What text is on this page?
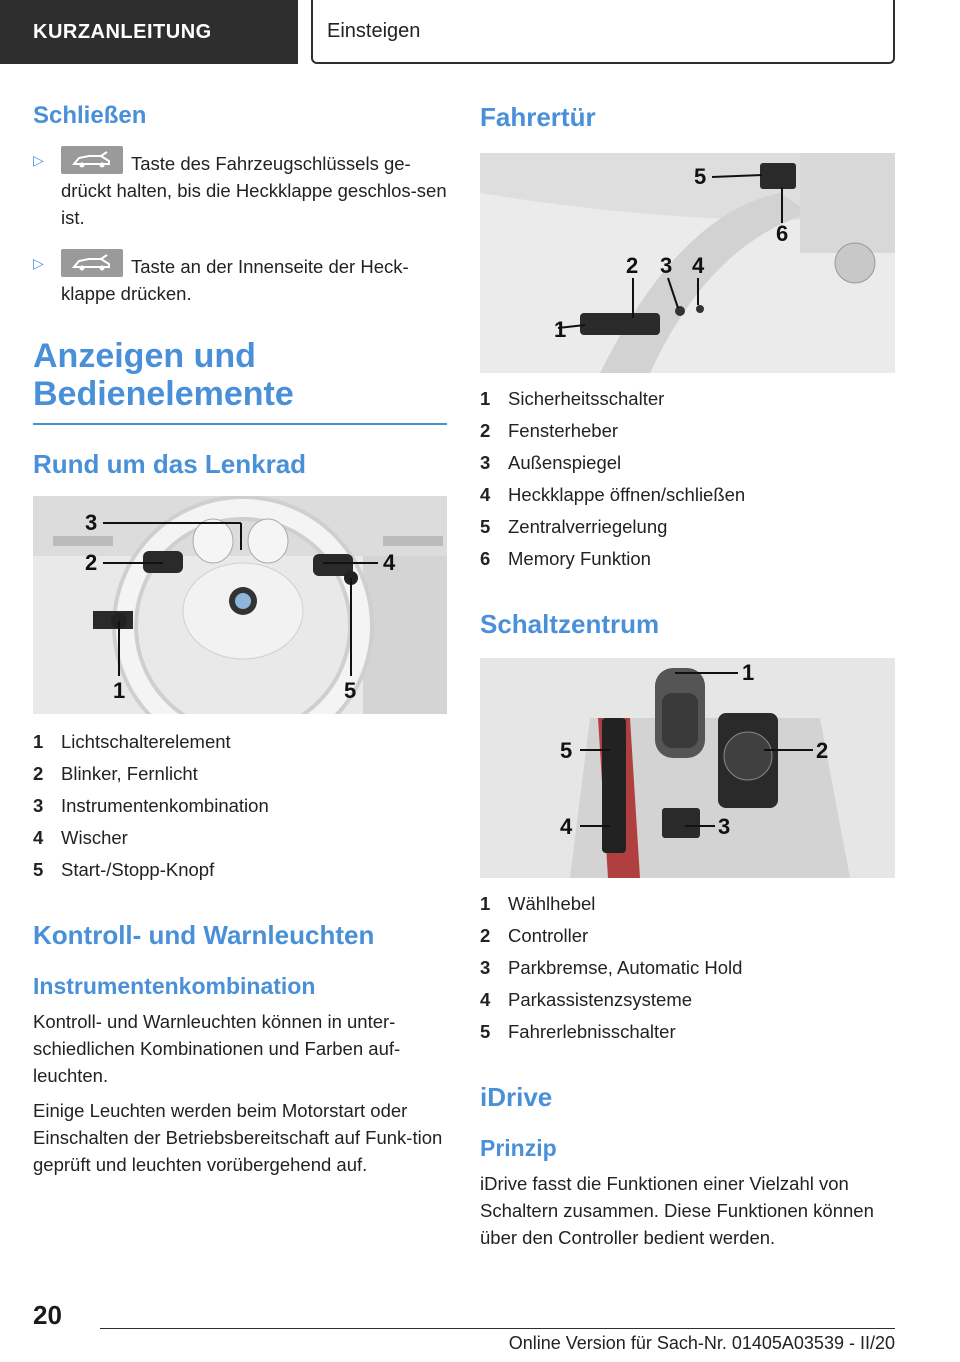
KURZANLEITUNG	Einsteigen
Schließen
▷	Taste des Fahrzeugschlüssels ge-drückt halten, bis die Heckklappe geschlos-sen ist.

▷	Taste an der Innenseite der Heck-klappe drücken.

Anzeigen und
Bedienelemente
Rund um das Lenkrad
3
2	4
1	5
1 Lichtschalterelement
2 Blinker, Fernlicht
3 Instrumentenkombination
4 Wischer
5 Start-/Stopp-Knopf
Kontroll- und Warnleuchten
Instrumentenkombination

Kontroll- und Warnleuchten können in unter-schiedlichen Kombinationen und Farben auf-leuchten.

Einige Leuchten werden beim Motorstart oder Einschalten der Betriebsbereitschaft auf Funk-tion geprüft und leuchten vorübergehend auf.

Fahrertür
1
2 3 4
5
6
1 Sicherheitsschalter
2 Fensterheber
3 Außenspiegel
4 Heckklappe öffnen/schließen
5 Zentralverriegelung
6 Memory Funktion
Schaltzentrum
1
2
3
4
5
1 Wählhebel
2 Controller
3 Parkbremse, Automatic Hold
4 Parkassistenzsysteme
5 Fahrerlebnisschalter
iDrive
Prinzip

iDrive fasst die Funktionen einer Vielzahl von Schaltern zusammen. Diese Funktionen können über den Controller bedient werden.

20
Online Version für Sach-Nr. 01405A03539 - II/20
